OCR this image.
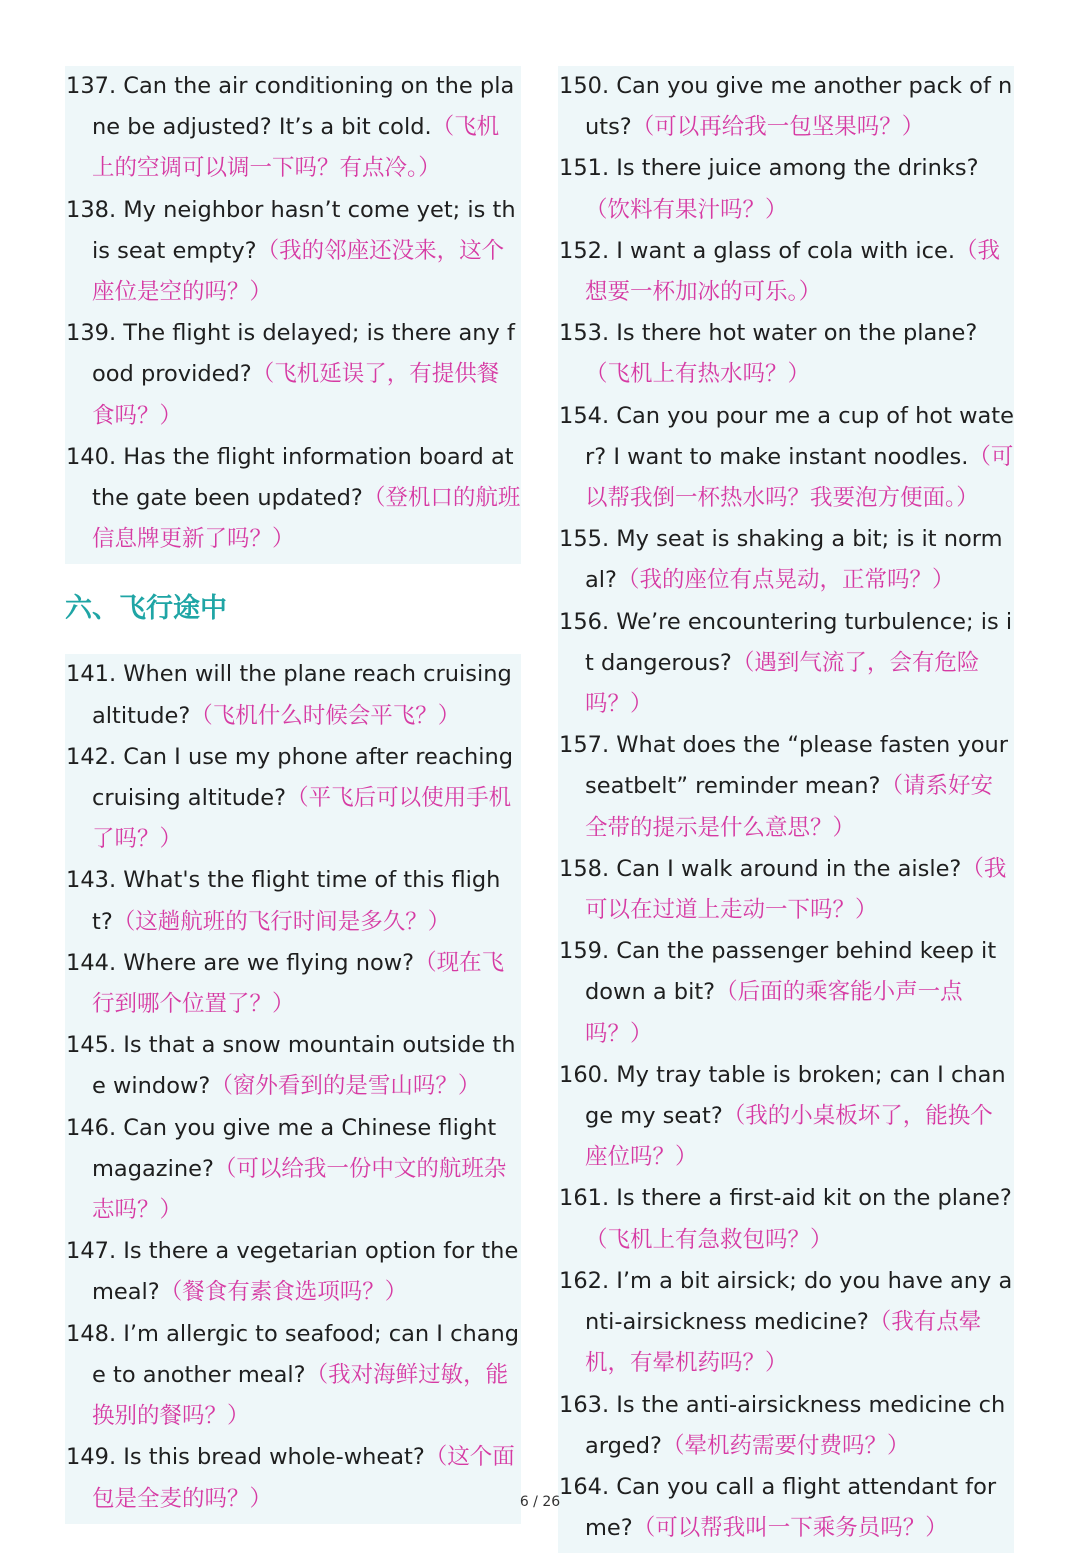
137. Can the air conditioning on the plane be adjusted? It’s a bit cold.（飞机上的空调可以调一下吗？有点冷。）

138. My neighbor hasn’t come yet; is this seat empty?（我的邻座还没来，这个座位是空的吗？）

139. The flight is delayed; is there any food provided?（飞机延误了，有提供餐食吗？）

140. Has the flight information board at the gate been updated?（登机口的航班信息牌更新了吗？）

六、飞行途中

141. When will the plane reach cruising altitude?（飞机什么时候会平飞？）

142. Can I use my phone after reaching cruising altitude?（平飞后可以使用手机了吗？）

143. What's the flight time of this flight?（这趟航班的飞行时间是多久？）

144. Where are we flying now?（现在飞行到哪个位置了？）

145. Is that a snow mountain outside the window?（窗外看到的是雪山吗？）

146. Can you give me a Chinese flight magazine?（可以给我一份中文的航班杂志吗？）

147. Is there a vegetarian option for the meal?（餐食有素食选项吗？）

148. I’m allergic to seafood; can I change to another meal?（我对海鲜过敏，能换别的餐吗？）

149. Is this bread whole-wheat?（这个面包是全麦的吗？）

150. Can you give me another pack of nuts?（可以再给我一包坚果吗？）

151. Is there juice among the drinks?（饮料有果汁吗？）

152. I want a glass of cola with ice.（我想要一杯加冰的可乐。）

153. Is there hot water on the plane?（飞机上有热水吗？）

154. Can you pour me a cup of hot water? I want to make instant noodles.（可以帮我倒一杯热水吗？我要泡方便面。）

155. My seat is shaking a bit; is it normal?（我的座位有点晃动，正常吗？）

156. We’re encountering turbulence; is it dangerous?（遇到气流了，会有危险吗？）

157. What does the “please fasten your seatbelt” reminder mean?（请系好安全带的提示是什么意思？）

158. Can I walk around in the aisle?（我可以在过道上走动一下吗？）

159. Can the passenger behind keep it down a bit?（后面的乘客能小声一点吗？）

160. My tray table is broken; can I change my seat?（我的小桌板坏了，能换个座位吗？）

161. Is there a first-aid kit on the plane?（飞机上有急救包吗？）

162. I’m a bit airsick; do you have any anti-airsickness medicine?（我有点晕机，有晕机药吗？）

163. Is the anti-airsickness medicine charged?（晕机药需要付费吗？）

164. Can you call a flight attendant for me?（可以帮我叫一下乘务员吗？）

6 / 26
